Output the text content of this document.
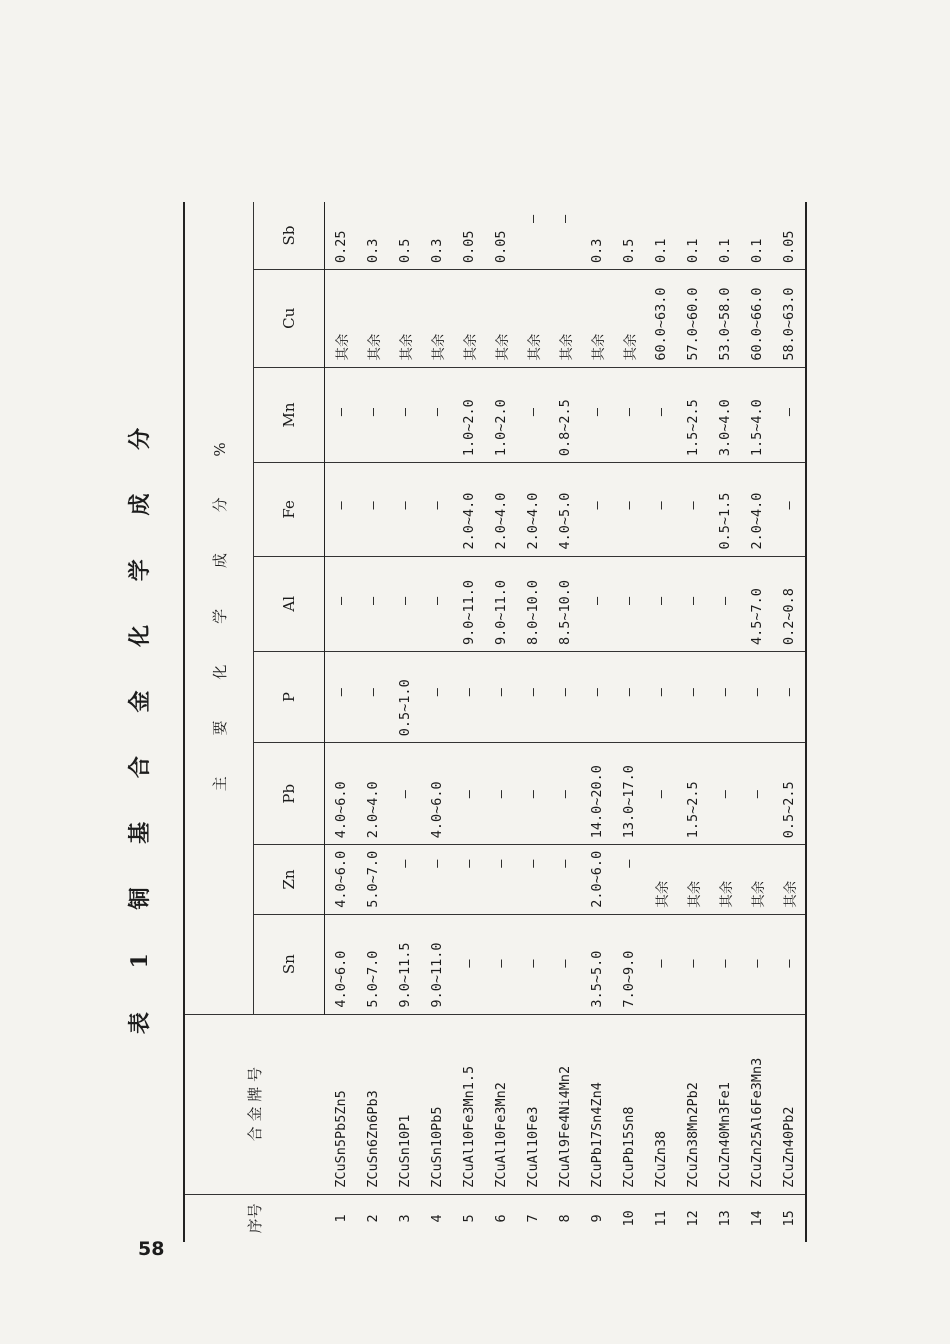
表 1 铜 基 合 金 化 学 成 分
序号	合 金 牌 号	主 要 化 学 成 分 %								
		Sn	Zn	Pb	P	Al	Fe	Mn	Cu	Sb
1	ZCuSn5Pb5Zn5	4.0~6.0	4.0~6.0	4.0~6.0	—	—	—	—	其余	0.25
2	ZCuSn6Zn6Pb3	5.0~7.0	5.0~7.0	2.0~4.0	—	—	—	—	其余	0.3
3	ZCuSn10P1	9.0~11.5	—	—	0.5~1.0	—	—	—	其余	0.5
4	ZCuSn10Pb5	9.0~11.0	—	4.0~6.0	—	—	—	—	其余	0.3
5	ZCuAl10Fe3Mn1.5	—	—	—	—	9.0~11.0	2.0~4.0	1.0~2.0	其余	0.05
6	ZCuAl10Fe3Mn2	—	—	—	—	9.0~11.0	2.0~4.0	1.0~2.0	其余	0.05
7	ZCuAl10Fe3	—	—	—	—	8.0~10.0	2.0~4.0	—	其余	—
8	ZCuAl9Fe4Ni4Mn2	—	—	—	—	8.5~10.0	4.0~5.0	0.8~2.5	其余	—
9	ZCuPb17Sn4Zn4	3.5~5.0	2.0~6.0	14.0~20.0	—	—	—	—	其余	0.3
10	ZCuPb15Sn8	7.0~9.0	—	13.0~17.0	—	—	—	—	其余	0.5
11	ZCuZn38	—	其余	—	—	—	—	—	60.0~63.0	0.1
12	ZCuZn38Mn2Pb2	—	其余	1.5~2.5	—	—	—	1.5~2.5	57.0~60.0	0.1
13	ZCuZn40Mn3Fe1	—	其余	—	—	—	0.5~1.5	3.0~4.0	53.0~58.0	0.1
14	ZCuZn25Al6Fe3Mn3	—	其余	—	—	4.5~7.0	2.0~4.0	1.5~4.0	60.0~66.0	0.1
15	ZCuZn40Pb2	—	其余	0.5~2.5	—	0.2~0.8	—	—	58.0~63.0	0.05
58
